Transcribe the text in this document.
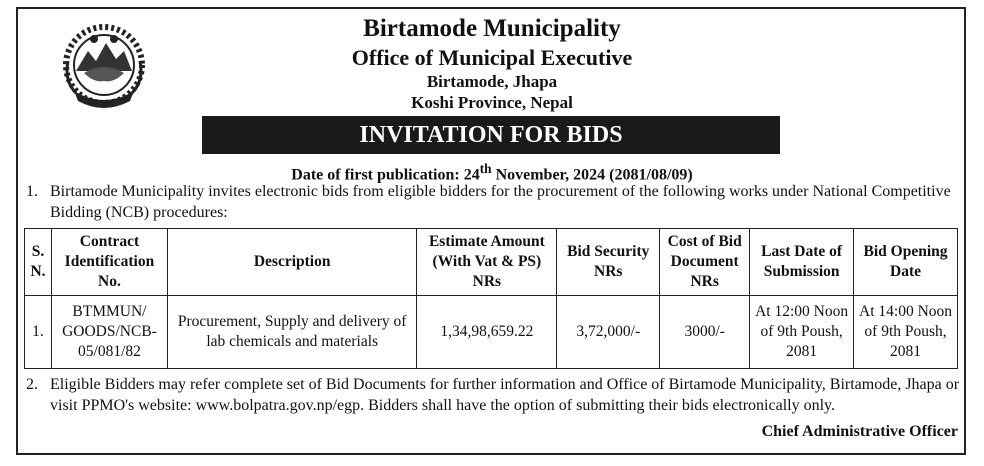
Birtamode Municipality
Office of Municipal Executive
Birtamode, Jhapa
Koshi Province, Nepal
INVITATION FOR BIDS
Date of first publication: 24th November, 2024 (2081/08/09)
1. Birtamode Municipality invites electronic bids from eligible bidders for the procurement of the following works under National Competitive Bidding (NCB) procedures:
S. N.	Contract Identification No.	Description	Estimate Amount (With Vat & PS) NRs	Bid Security NRs	Cost of Bid Document NRs	Last Date of Submission	Bid Opening Date
1.	BTMMUN/ GOODS/NCB- 05/081/82	Procurement, Supply and delivery of lab chemicals and materials	1,34,98,659.22	3,72,000/-	3000/-	At 12:00 Noon of 9th Poush, 2081	At 14:00 Noon of 9th Poush, 2081
2. Eligible Bidders may refer complete set of Bid Documents for further information and Office of Birtamode Municipality, Birtamode, Jhapa or visit PPMO's website: www.bolpatra.gov.np/egp. Bidders shall have the option of submitting their bids electronically only.
Chief Administrative Officer
